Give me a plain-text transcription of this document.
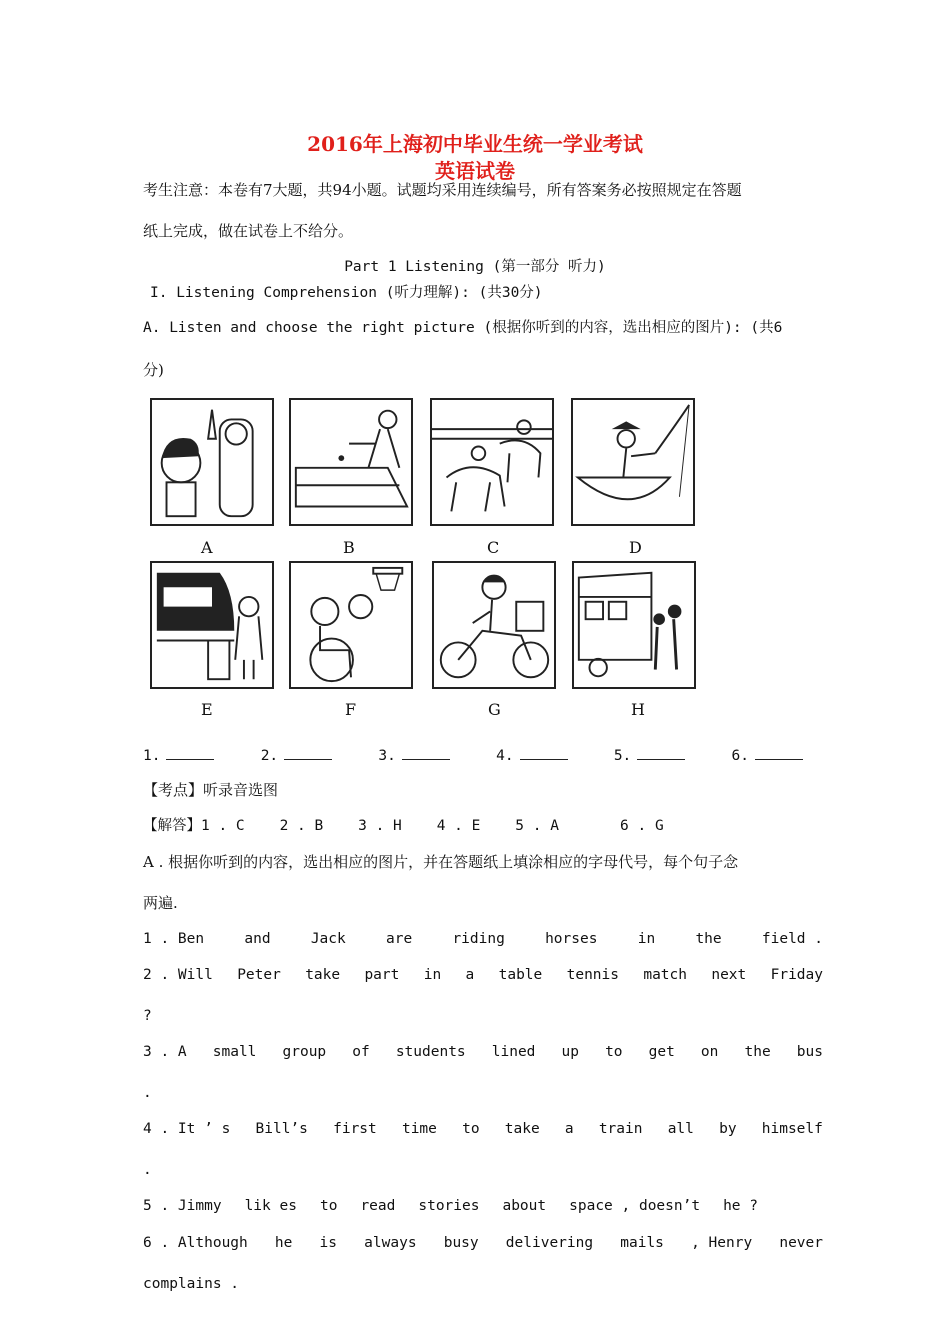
2016年上海初中毕业生统一学业考试
英语试卷
考生注意：本卷有7大题，共94小题。试题均采用连续编号，所有答案务必按照规定在答题
纸上完成，做在试卷上不给分。
Part 1 Listening (第一部分 听力)
I. Listening Comprehension (听力理解): (共30分)
A. Listen and choose the right picture (根据你听到的内容，选出相应的图片): (共6
分)
A	B	C	D
E	F	G	H
1.	2.	3.	4.	5.	6.
【考点】听录音选图
【解答】1 . C    2 . B    3 . H    4 . E    5 . A       6 . G
A . 根据你听到的内容，选出相应的图片，并在答题纸上填涂相应的字母代号，每个句子念
两遍.
1 . Ben	and	Jack	are	riding	horses	in	the	field .
2 . Will Peter take part in a table tennis match next Friday
?
3 . A small group of students lined up to get on the bus
.
4 . It ’ s Bill’s first time to take a train all by himself
.
5 . Jimmy lik es to read stories about space , doesn’t he ?
6 . Although he is always busy delivering mails , Henry never
complains .
